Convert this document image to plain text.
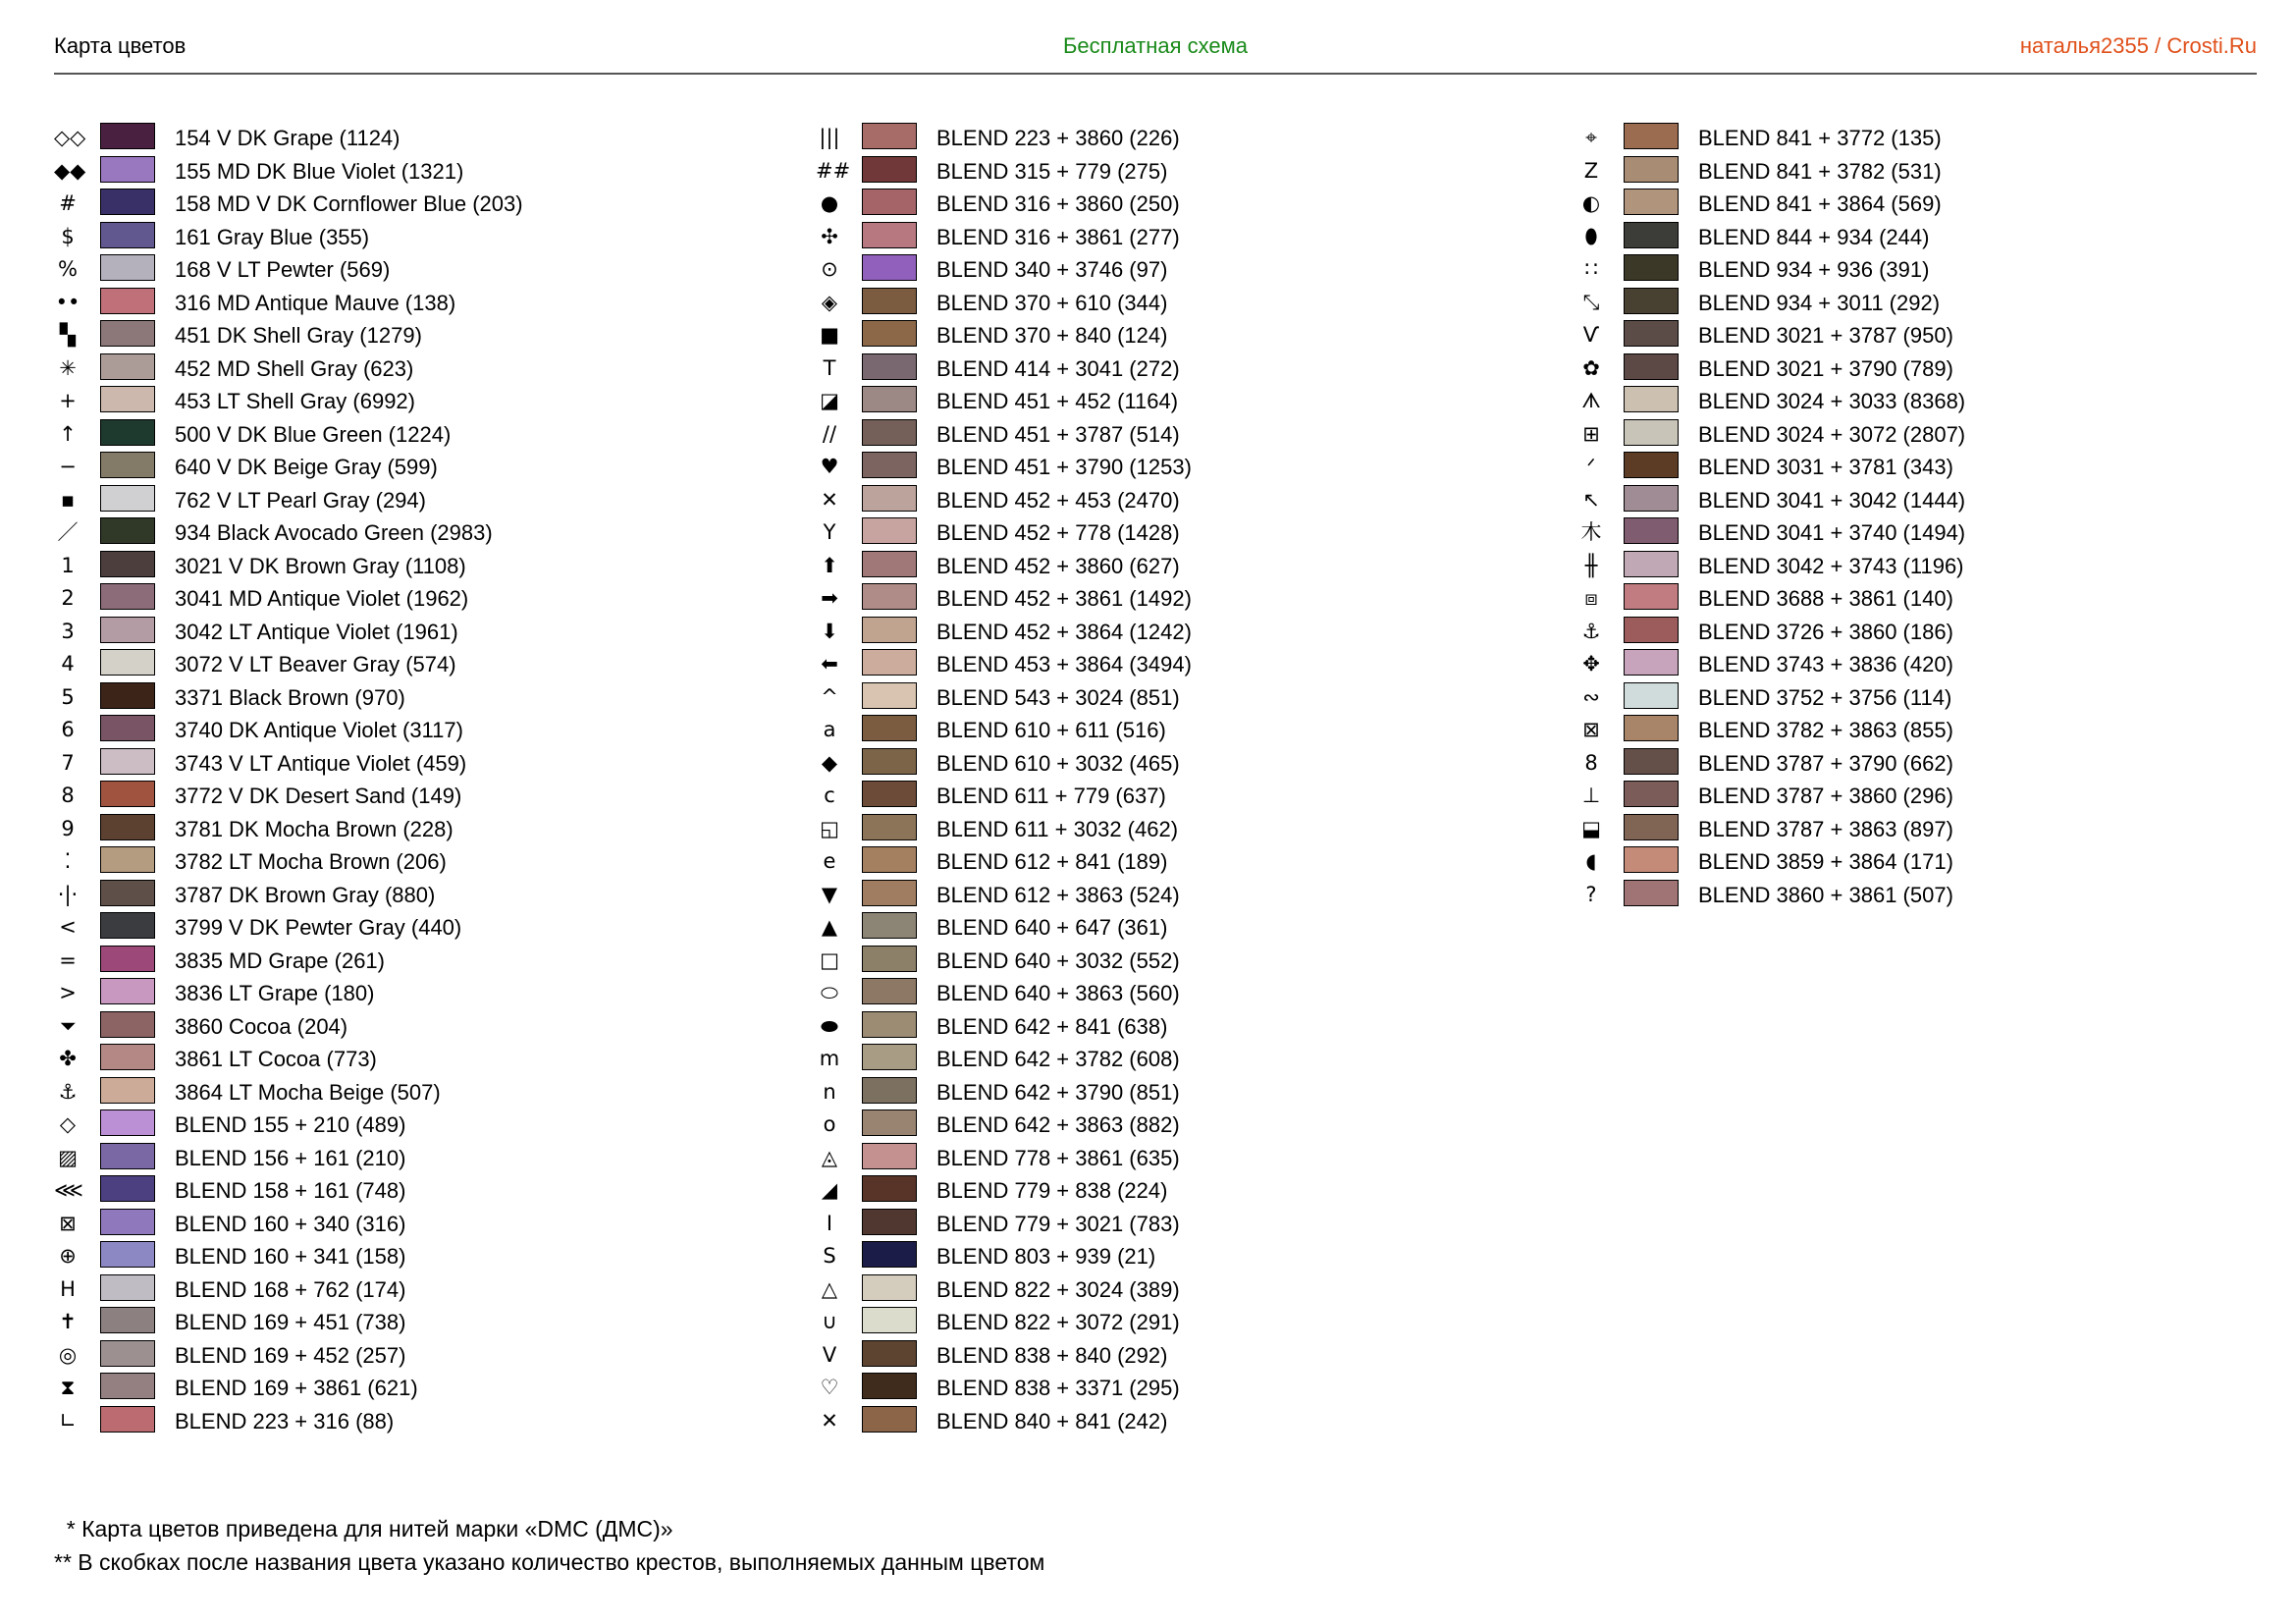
Карта цветов	Бесплатная схема	наталья2355 / Crosti.Ru
◇◇	154 V DK Grape (1124)
◆◆	155 MD DK Blue Violet (1321)
#	158 MD V DK Cornflower Blue (203)
$	161 Gray Blue (355)
%	168 V LT Pewter (569)
••	316 MD Antique Mauve (138)
▚	451 DK Shell Gray (1279)
✳	452 MD Shell Gray (623)
+	453 LT Shell Gray (6992)
↑	500 V DK Blue Green (1224)
−	640 V DK Beige Gray (599)
▪	762 V LT Pearl Gray (294)
／	934 Black Avocado Green (2983)
1	3021 V DK Brown Gray (1108)
2	3041 MD Antique Violet (1962)
3	3042 LT Antique Violet (1961)
4	3072 V LT Beaver Gray (574)
5	3371 Black Brown (970)
6	3740 DK Antique Violet (3117)
7	3743 V LT Antique Violet (459)
8	3772 V DK Desert Sand (149)
9	3781 DK Mocha Brown (228)
⁚	3782 LT Mocha Brown (206)
·|·	3787 DK Brown Gray (880)
<	3799 V DK Pewter Gray (440)
=	3835 MD Grape (261)
>	3836 LT Grape (180)
⏷	3860 Cocoa (204)
✤	3861 LT Cocoa (773)
⚓	3864 LT Mocha Beige (507)
◇	BLEND 155 + 210 (489)
▨	BLEND 156 + 161 (210)
⋘	BLEND 158 + 161 (748)
⊠	BLEND 160 + 340 (316)
⊕	BLEND 160 + 341 (158)
H	BLEND 168 + 762 (174)
✝	BLEND 169 + 451 (738)
◎	BLEND 169 + 452 (257)
⧗	BLEND 169 + 3861 (621)
∟	BLEND 223 + 316 (88)
|||	BLEND 223 + 3860 (226)
##	BLEND 315 + 779 (275)
●	BLEND 316 + 3860 (250)
✣	BLEND 316 + 3861 (277)
⊙	BLEND 340 + 3746 (97)
◈	BLEND 370 + 610 (344)
■	BLEND 370 + 840 (124)
T	BLEND 414 + 3041 (272)
◪	BLEND 451 + 452 (1164)
//	BLEND 451 + 3787 (514)
♥	BLEND 451 + 3790 (1253)
✕	BLEND 452 + 453 (2470)
Y	BLEND 452 + 778 (1428)
⬆	BLEND 452 + 3860 (627)
➡	BLEND 452 + 3861 (1492)
⬇	BLEND 452 + 3864 (1242)
⬅	BLEND 453 + 3864 (3494)
^	BLEND 543 + 3024 (851)
a	BLEND 610 + 611 (516)
◆	BLEND 610 + 3032 (465)
c	BLEND 611 + 779 (637)
◱	BLEND 611 + 3032 (462)
e	BLEND 612 + 841 (189)
▼	BLEND 612 + 3863 (524)
▲	BLEND 640 + 647 (361)
□	BLEND 640 + 3032 (552)
⬭	BLEND 640 + 3863 (560)
⬬	BLEND 642 + 841 (638)
m	BLEND 642 + 3782 (608)
n	BLEND 642 + 3790 (851)
o	BLEND 642 + 3863 (882)
◬	BLEND 778 + 3861 (635)
◢	BLEND 779 + 838 (224)
I	BLEND 779 + 3021 (783)
S	BLEND 803 + 939 (21)
△	BLEND 822 + 3024 (389)
∪	BLEND 822 + 3072 (291)
V	BLEND 838 + 840 (292)
♡	BLEND 838 + 3371 (295)
✕	BLEND 840 + 841 (242)
⌖	BLEND 841 + 3772 (135)
Z	BLEND 841 + 3782 (531)
◐	BLEND 841 + 3864 (569)
⬮	BLEND 844 + 934 (244)
∷	BLEND 934 + 936 (391)
⤡	BLEND 934 + 3011 (292)
Ѵ	BLEND 3021 + 3787 (950)
✿	BLEND 3021 + 3790 (789)
ᗑ	BLEND 3024 + 3033 (8368)
⊞	BLEND 3024 + 3072 (2807)
ᐟ	BLEND 3031 + 3781 (343)
↖	BLEND 3041 + 3042 (1444)
木	BLEND 3041 + 3740 (1494)
╫	BLEND 3042 + 3743 (1196)
⧈	BLEND 3688 + 3861 (140)
⚓	BLEND 3726 + 3860 (186)
✥	BLEND 3743 + 3836 (420)
∾	BLEND 3752 + 3756 (114)
⊠	BLEND 3782 + 3863 (855)
8	BLEND 3787 + 3790 (662)
⊥	BLEND 3787 + 3860 (296)
⬓	BLEND 3787 + 3863 (897)
◖	BLEND 3859 + 3864 (171)
?	BLEND 3860 + 3861 (507)
* Карта цветов приведена для нитей марки «DMC (ДМС)»
** В скобках после названия цвета указано количество крестов, выполняемых данным цветом
